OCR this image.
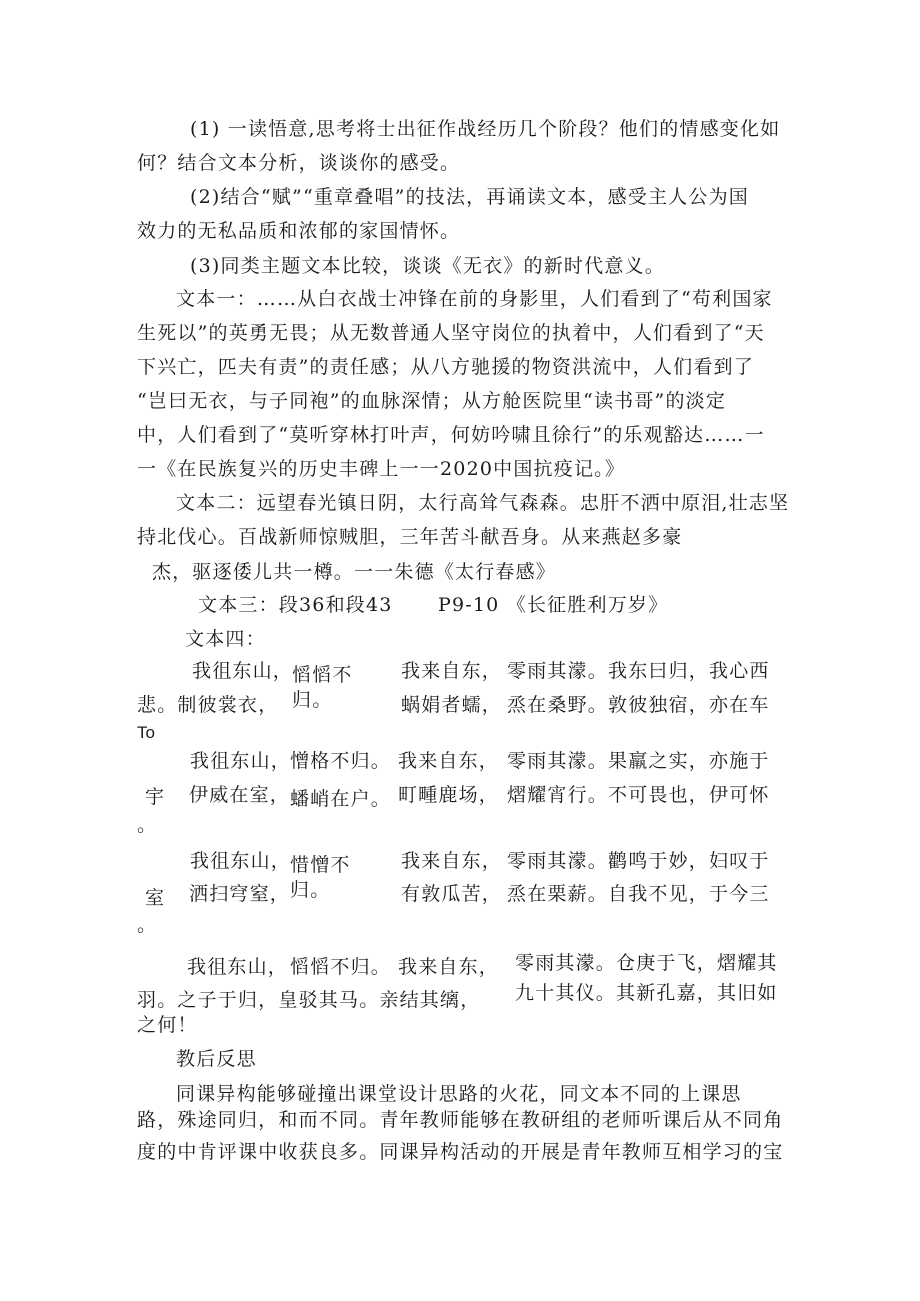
(1) 一读悟意,思考将士出征作战经历几个阶段？他们的情感变化如
何？结合文本分析，谈谈你的感受。
(2)结合“赋”“重章叠唱”的技法，再诵读文本，感受主人公为国
效力的无私品质和浓郁的家国情怀。
(3)同类主题文本比较，谈谈《无衣》的新时代意义。
文本一：……从白衣战士冲锋在前的身影里，人们看到了“苟利国家
生死以”的英勇无畏；从无数普通人坚守岗位的执着中，人们看到了“天
下兴亡，匹夫有责”的责任感；从八方驰援的物资洪流中，人们看到了
“岂曰无衣，与子同袍”的血脉深情；从方舱医院里“读书哥”的淡定
中，人们看到了“莫听穿林打叶声，何妨吟啸且徐行”的乐观豁达……一
一《在民族复兴的历史丰碑上一一2020中国抗疫记。》
文本二：远望春光镇日阴，太行高耸气森森。忠肝不洒中原泪,壮志坚
持北伐心。百战新师惊贼胆，三年苦斗献吾身。从来燕赵多豪
杰，驱逐倭儿共一樽。一一朱德《太行春感》
文本三：段36和段43 P9-10 《长征胜利万岁》
文本四：
我徂东山，
慆慆不
归。
我来自东， 零雨其濛。我东曰归，我心西
悲。制彼裳衣，	蜗娟者蠕， 烝在桑野。敦彼独宿，亦在车
To
我徂东山，
憎格不归。 我来自东， 零雨其濛。果羸之实，亦施于
宇 伊威在室， 蟠峭在户。 町畽鹿场， 熠耀宵行。不可畏也，伊可怀
。
我徂东山，
惜憎不
归。
我来自东， 零雨其濛。鹳鸣于妙，妇叹于
室 洒扫穹窒，	有敦瓜苦， 烝在栗薪。自我不见，于今三
。
我徂东山， 慆慆不归。 我来自东， 零雨其濛。仓庚于飞，熠耀其
羽。之子于归，皇驳其马。亲结其缡， 九十其仪。其新孔嘉，其旧如
之何！
教后反思
同课异构能够碰撞出课堂设计思路的火花，同文本不同的上课思
路，殊途同归，和而不同。青年教师能够在教研组的老师听课后从不同角
度的中肯评课中收获良多。同课异构活动的开展是青年教师互相学习的宝
